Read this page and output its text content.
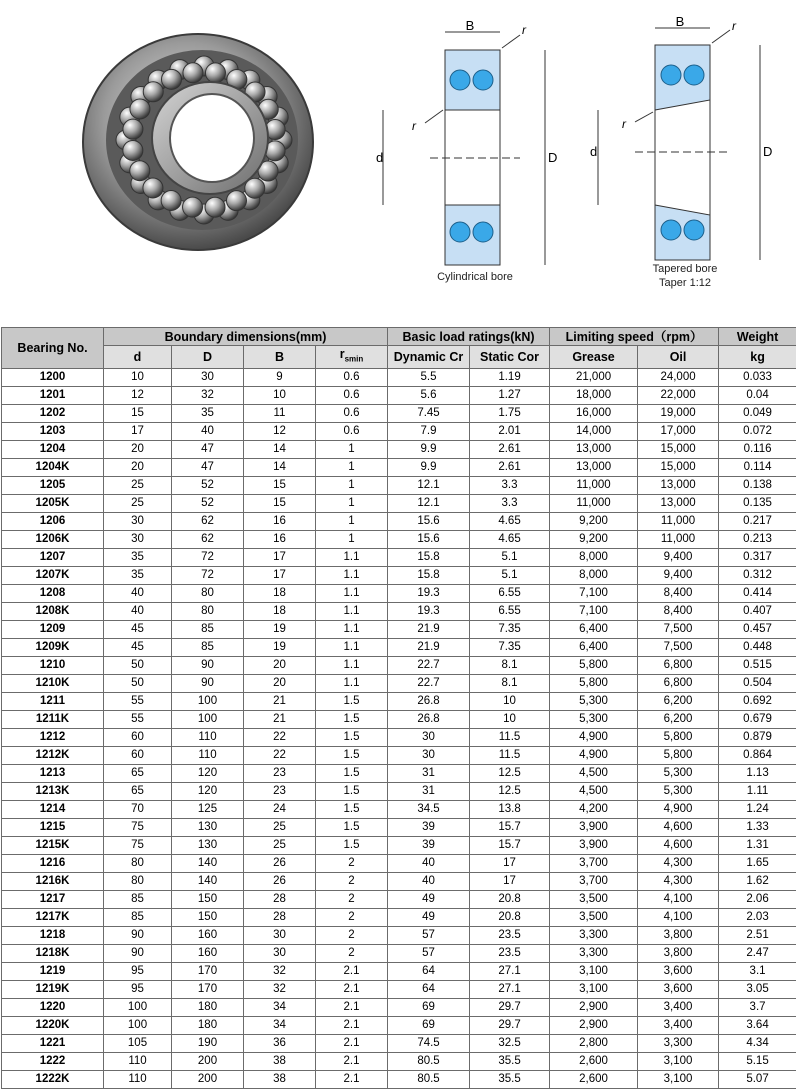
B
D
d
r
r
B
D
d
r
r
Cylindrical bore
Tapered bore
Taper 1:12
Bearing No.	Boundary dimensions(mm)				Basic load ratings(kN)		Limiting speed（rpm）		Weight
	d	D	B	$r_{smin}$	Dynamic Cr	Static Cor	Grease	Oil	kg
1200	10	30	9	0.6	5.5	1.19	21,000	24,000	0.033
1201	12	32	10	0.6	5.6	1.27	18,000	22,000	0.04
1202	15	35	11	0.6	7.45	1.75	16,000	19,000	0.049
1203	17	40	12	0.6	7.9	2.01	14,000	17,000	0.072
1204	20	47	14	1	9.9	2.61	13,000	15,000	0.116
1204K	20	47	14	1	9.9	2.61	13,000	15,000	0.114
1205	25	52	15	1	12.1	3.3	11,000	13,000	0.138
1205K	25	52	15	1	12.1	3.3	11,000	13,000	0.135
1206	30	62	16	1	15.6	4.65	9,200	11,000	0.217
1206K	30	62	16	1	15.6	4.65	9,200	11,000	0.213
1207	35	72	17	1.1	15.8	5.1	8,000	9,400	0.317
1207K	35	72	17	1.1	15.8	5.1	8,000	9,400	0.312
1208	40	80	18	1.1	19.3	6.55	7,100	8,400	0.414
1208K	40	80	18	1.1	19.3	6.55	7,100	8,400	0.407
1209	45	85	19	1.1	21.9	7.35	6,400	7,500	0.457
1209K	45	85	19	1.1	21.9	7.35	6,400	7,500	0.448
1210	50	90	20	1.1	22.7	8.1	5,800	6,800	0.515
1210K	50	90	20	1.1	22.7	8.1	5,800	6,800	0.504
1211	55	100	21	1.5	26.8	10	5,300	6,200	0.692
1211K	55	100	21	1.5	26.8	10	5,300	6,200	0.679
1212	60	110	22	1.5	30	11.5	4,900	5,800	0.879
1212K	60	110	22	1.5	30	11.5	4,900	5,800	0.864
1213	65	120	23	1.5	31	12.5	4,500	5,300	1.13
1213K	65	120	23	1.5	31	12.5	4,500	5,300	1.11
1214	70	125	24	1.5	34.5	13.8	4,200	4,900	1.24
1215	75	130	25	1.5	39	15.7	3,900	4,600	1.33
1215K	75	130	25	1.5	39	15.7	3,900	4,600	1.31
1216	80	140	26	2	40	17	3,700	4,300	1.65
1216K	80	140	26	2	40	17	3,700	4,300	1.62
1217	85	150	28	2	49	20.8	3,500	4,100	2.06
1217K	85	150	28	2	49	20.8	3,500	4,100	2.03
1218	90	160	30	2	57	23.5	3,300	3,800	2.51
1218K	90	160	30	2	57	23.5	3,300	3,800	2.47
1219	95	170	32	2.1	64	27.1	3,100	3,600	3.1
1219K	95	170	32	2.1	64	27.1	3,100	3,600	3.05
1220	100	180	34	2.1	69	29.7	2,900	3,400	3.7
1220K	100	180	34	2.1	69	29.7	2,900	3,400	3.64
1221	105	190	36	2.1	74.5	32.5	2,800	3,300	4.34
1222	110	200	38	2.1	80.5	35.5	2,600	3,100	5.15
1222K	110	200	38	2.1	80.5	35.5	2,600	3,100	5.07
